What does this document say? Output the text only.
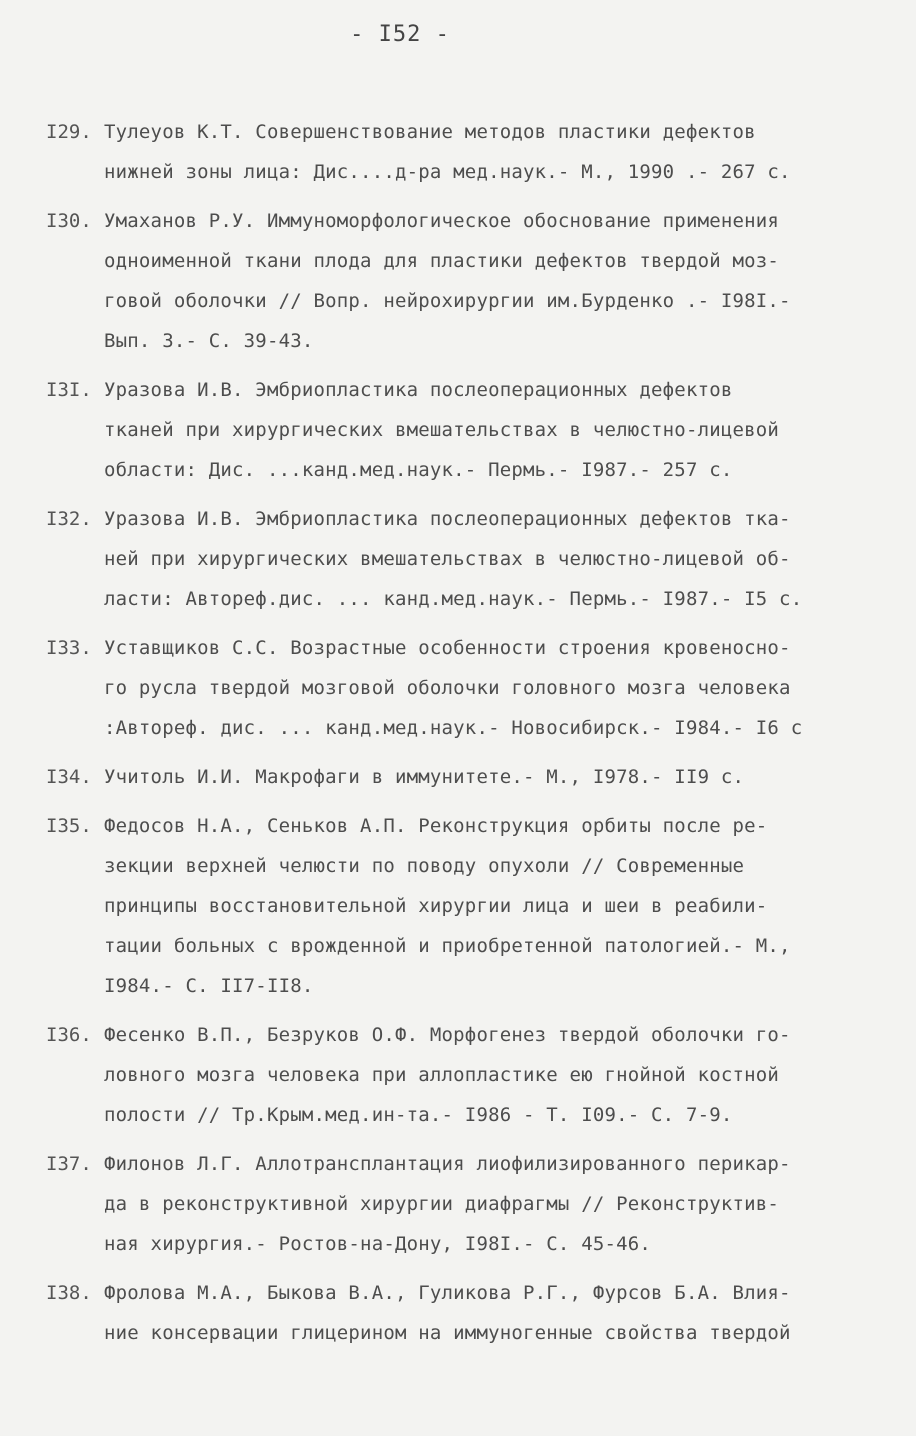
- I52 -
I29. Тулеуов К.Т. Совершенствование методов пластики дефектов
нижней зоны лица: Дис....д-ра мед.наук.- М., 1990 .- 267 с.
I30. Умаханов Р.У. Иммуноморфологическое обоснование применения
одноименной ткани плода для пластики дефектов твердой моз-
говой оболочки // Вопр. нейрохирургии им.Бурденко .- I98I.-
Вып. 3.- С. 39-43.
I3I. Уразова И.В. Эмбриопластика послеоперационных дефектов
тканей при хирургических вмешательствах в челюстно-лицевой
области: Дис. ...канд.мед.наук.- Пермь.- I987.- 257 с.
I32. Уразова И.В. Эмбриопластика послеоперационных дефектов тка-
ней при хирургических вмешательствах в челюстно-лицевой об-
ласти: Автореф.дис. ... канд.мед.наук.- Пермь.- I987.- I5 с.
I33. Уставщиков С.С. Возрастные особенности строения кровеносно-
го русла твердой мозговой оболочки головного мозга человека
:Автореф. дис. ... канд.мед.наук.- Новосибирск.- I984.- I6 с
I34. Учитоль И.И. Макрофаги в иммунитете.- М., I978.- II9 с.
I35. Федосов Н.А., Сеньков А.П. Реконструкция орбиты после ре-
зекции верхней челюсти по поводу опухоли // Современные
принципы восстановительной хирургии лица и шеи в реабили-
тации больных с врожденной и приобретенной патологией.- М.,
I984.- С. II7-II8.
I36. Фесенко В.П., Безруков О.Ф. Морфогенез твердой оболочки го-
ловного мозга человека при аллопластике ею гнойной костной
полости // Тр.Крым.мед.ин-та.- I986 - Т. I09.- С. 7-9.
I37. Филонов Л.Г. Аллотрансплантация лиофилизированного перикар-
да в реконструктивной хирургии диафрагмы // Реконструктив-
ная хирургия.- Ростов-на-Дону, I98I.- С. 45-46.
I38. Фролова М.А., Быкова В.А., Гуликова Р.Г., Фурсов Б.А. Влия-
ние консервации глицерином на иммуногенные свойства твердой
